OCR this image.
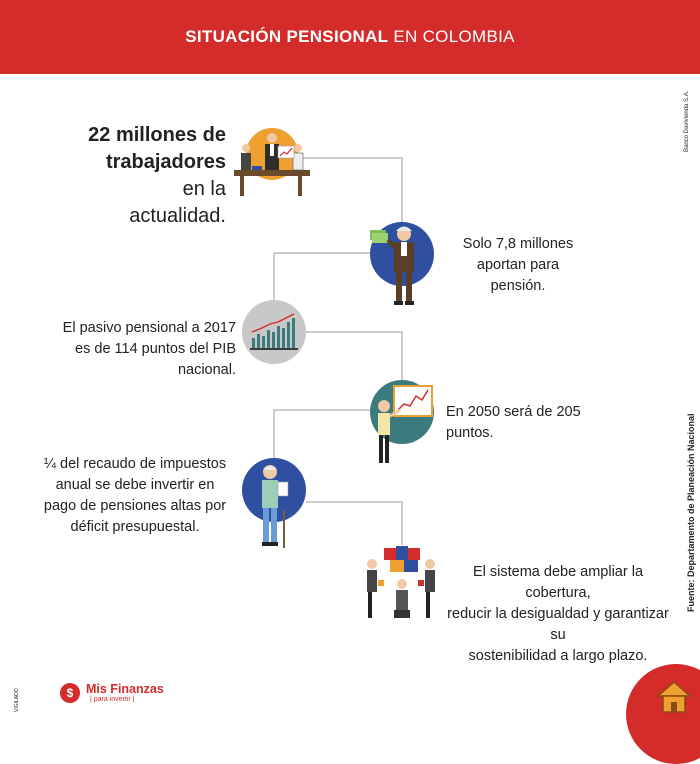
SITUACIÓN PENSIONAL EN COLOMBIA
Banco Davivienda S.A.
Fuente: Departamento de Planeación Nacional
VIGILADO
22 millones de
trabajadores
en la actualidad.
Solo 7,8 millones
aportan para pensión.
El pasivo pensional a 2017
es de 114 puntos del PIB nacional.
En 2050 será de 205 puntos.
¼ del recaudo de impuestos
anual se debe invertir en
pago de pensiones altas por
déficit presupuestal.
El sistema debe ampliar la cobertura,
reducir la desigualdad y garantizar su
sostenibilidad a largo plazo.
$	Mis Finanzas
| para invertir |
